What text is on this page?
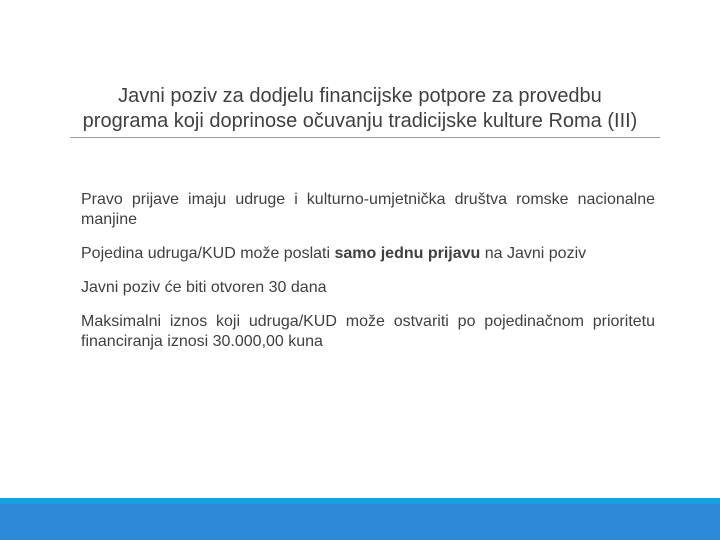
Javni poziv za dodjelu financijske potpore za provedbu
programa koji doprinose očuvanju tradicijske kulture Roma (III)

Pravo prijave imaju udruge i kulturno-umjetnička društva romske nacionalne manjine

Pojedina udruga/KUD može poslati samo jednu prijavu na Javni poziv

Javni poziv će biti otvoren 30 dana

Maksimalni iznos koji udruga/KUD može ostvariti po pojedinačnom prioritetu financiranja iznosi 30.000,00 kuna
